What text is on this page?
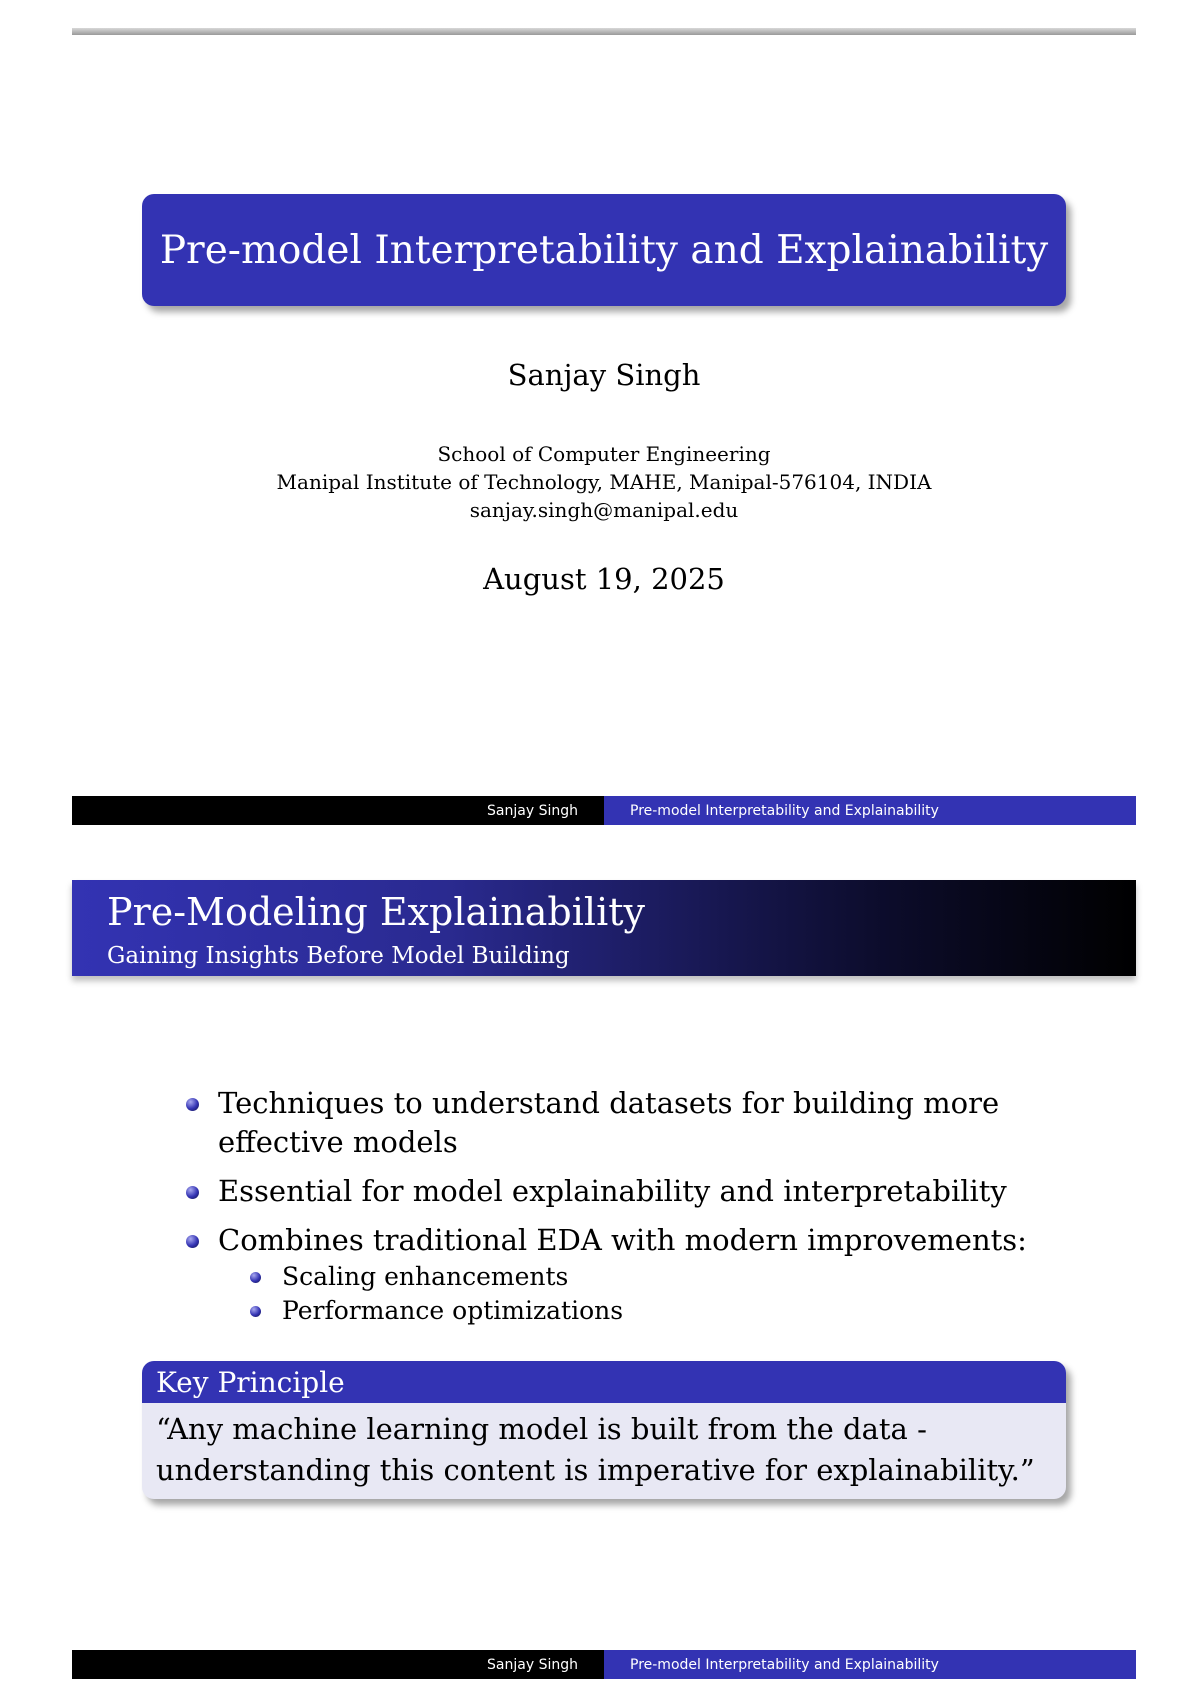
Pre-model Interpretability and Explainability
Sanjay Singh
School of Computer Engineering
Manipal Institute of Technology, MAHE, Manipal-576104, INDIA
sanjay.singh@manipal.edu
August 19, 2025
Sanjay Singh	Pre-model Interpretability and Explainability
Pre-Modeling Explainability
Gaining Insights Before Model Building
Techniques to understand datasets for building more effective models
Essential for model explainability and interpretability
Combines traditional EDA with modern improvements:
Scaling enhancements
Performance optimizations
Key Principle
“Any machine learning model is built from the data - understanding this content is imperative for explainability.”
Sanjay Singh	Pre-model Interpretability and Explainability
